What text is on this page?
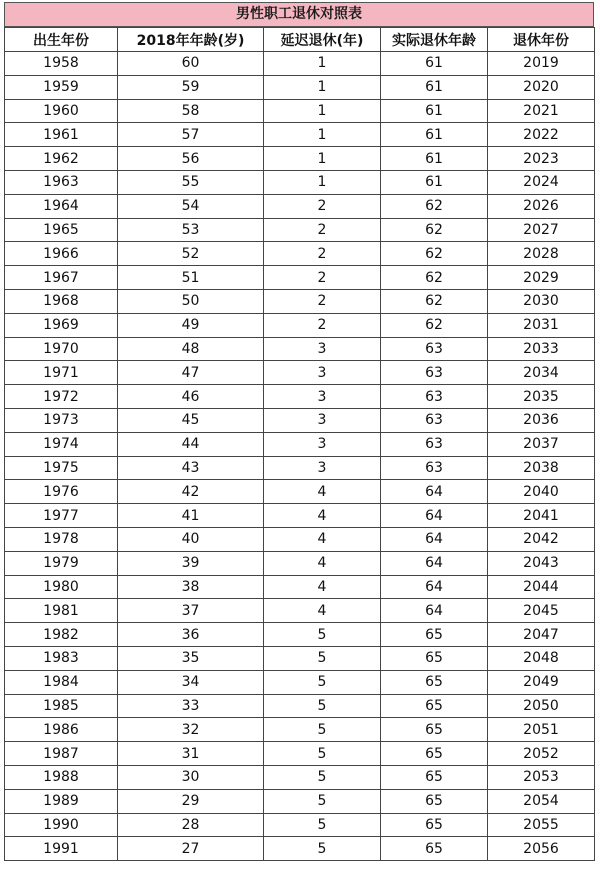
男性职工退休对照表
出生年份	2018年年龄(岁)	延迟退休(年)	实际退休年龄	退休年份
1958	60	1	61	2019
1959	59	1	61	2020
1960	58	1	61	2021
1961	57	1	61	2022
1962	56	1	61	2023
1963	55	1	61	2024
1964	54	2	62	2026
1965	53	2	62	2027
1966	52	2	62	2028
1967	51	2	62	2029
1968	50	2	62	2030
1969	49	2	62	2031
1970	48	3	63	2033
1971	47	3	63	2034
1972	46	3	63	2035
1973	45	3	63	2036
1974	44	3	63	2037
1975	43	3	63	2038
1976	42	4	64	2040
1977	41	4	64	2041
1978	40	4	64	2042
1979	39	4	64	2043
1980	38	4	64	2044
1981	37	4	64	2045
1982	36	5	65	2047
1983	35	5	65	2048
1984	34	5	65	2049
1985	33	5	65	2050
1986	32	5	65	2051
1987	31	5	65	2052
1988	30	5	65	2053
1989	29	5	65	2054
1990	28	5	65	2055
1991	27	5	65	2056
